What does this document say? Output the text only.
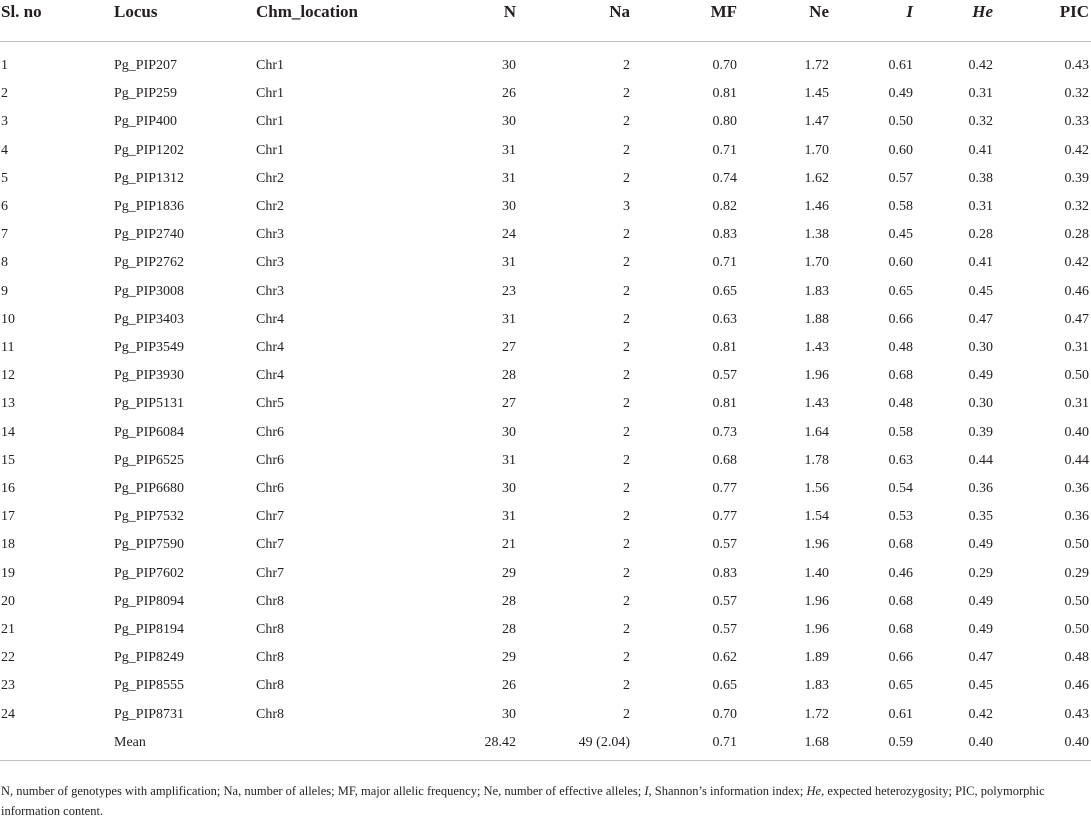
Sl. no	Locus	Chm_location	N	Na	MF	Ne	I	He	PIC
1	Pg_PIP207	Chr1	30	2	0.70	1.72	0.61	0.42	0.43
2	Pg_PIP259	Chr1	26	2	0.81	1.45	0.49	0.31	0.32
3	Pg_PIP400	Chr1	30	2	0.80	1.47	0.50	0.32	0.33
4	Pg_PIP1202	Chr1	31	2	0.71	1.70	0.60	0.41	0.42
5	Pg_PIP1312	Chr2	31	2	0.74	1.62	0.57	0.38	0.39
6	Pg_PIP1836	Chr2	30	3	0.82	1.46	0.58	0.31	0.32
7	Pg_PIP2740	Chr3	24	2	0.83	1.38	0.45	0.28	0.28
8	Pg_PIP2762	Chr3	31	2	0.71	1.70	0.60	0.41	0.42
9	Pg_PIP3008	Chr3	23	2	0.65	1.83	0.65	0.45	0.46
10	Pg_PIP3403	Chr4	31	2	0.63	1.88	0.66	0.47	0.47
11	Pg_PIP3549	Chr4	27	2	0.81	1.43	0.48	0.30	0.31
12	Pg_PIP3930	Chr4	28	2	0.57	1.96	0.68	0.49	0.50
13	Pg_PIP5131	Chr5	27	2	0.81	1.43	0.48	0.30	0.31
14	Pg_PIP6084	Chr6	30	2	0.73	1.64	0.58	0.39	0.40
15	Pg_PIP6525	Chr6	31	2	0.68	1.78	0.63	0.44	0.44
16	Pg_PIP6680	Chr6	30	2	0.77	1.56	0.54	0.36	0.36
17	Pg_PIP7532	Chr7	31	2	0.77	1.54	0.53	0.35	0.36
18	Pg_PIP7590	Chr7	21	2	0.57	1.96	0.68	0.49	0.50
19	Pg_PIP7602	Chr7	29	2	0.83	1.40	0.46	0.29	0.29
20	Pg_PIP8094	Chr8	28	2	0.57	1.96	0.68	0.49	0.50
21	Pg_PIP8194	Chr8	28	2	0.57	1.96	0.68	0.49	0.50
22	Pg_PIP8249	Chr8	29	2	0.62	1.89	0.66	0.47	0.48
23	Pg_PIP8555	Chr8	26	2	0.65	1.83	0.65	0.45	0.46
24	Pg_PIP8731	Chr8	30	2	0.70	1.72	0.61	0.42	0.43
	Mean		28.42	49 (2.04)	0.71	1.68	0.59	0.40	0.40
N, number of genotypes with amplification; Na, number of alleles; MF, major allelic frequency; Ne, number of effective alleles; I, Shannon’s information index; He, expected heterozygosity; PIC, polymorphic information content.
